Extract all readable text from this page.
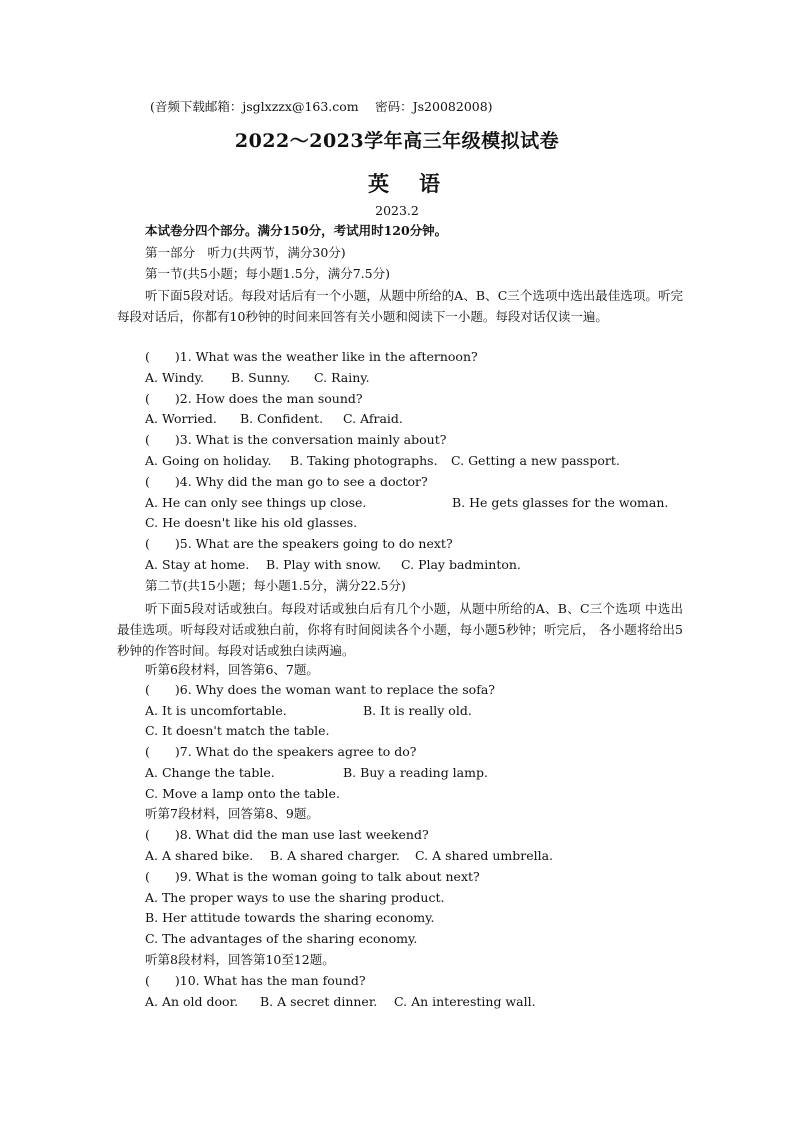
(音频下载邮箱：jsglxzzx@163.com　 密码：Js20082008)
2022～2023学年高三年级模拟试卷
英语
2023.2
本试卷分四个部分。满分150分，考试用时120分钟。
第一部分　听力(共两节，满分30分)
第一节(共5小题；每小题1.5分，满分7.5分)
听下面5段对话。每段对话后有一个小题，从题中所给的A、B、C三个选项中选出最佳选项。听完每段对话后，你都有10秒钟的时间来回答有关小题和阅读下一小题。每段对话仅读一遍。
(　　)1. What was the weather like in the afternoon?
A. Windy. B. Sunny. C. Rainy.
(　　)2. How does the man sound?
A. Worried. B. Confident. C. Afraid.
(　　)3. What is the conversation mainly about?
A. Going on holiday. B. Taking photographs. C. Getting a new passport.
(　　)4. Why did the man go to see a doctor?
A. He can only see things up close.	B. He gets glasses for the woman.
C. He doesn't like his old glasses.
(　　)5. What are the speakers going to do next?
A. Stay at home. B. Play with snow. C. Play badminton.
第二节(共15小题；每小题1.5分，满分22.5分)
听下面5段对话或独白。每段对话或独白后有几个小题，从题中所给的A、B、C三个选项 中选出最佳选项。听每段对话或独白前，你将有时间阅读各个小题，每小题5秒钟；听完后， 各小题将给出5秒钟的作答时间。每段对话或独白读两遍。
听第6段材料，回答第6、7题。
(　　)6. Why does the woman want to replace the sofa?
A. It is uncomfortable.	B. It is really old.
C. It doesn't match the table.
(　　)7. What do the speakers agree to do?
A. Change the table.	B. Buy a reading lamp.
C. Move a lamp onto the table.
听第7段材料，回答第8、9题。
(　　)8. What did the man use last weekend?
A. A shared bike. B. A shared charger. C. A shared umbrella.
(　　)9. What is the woman going to talk about next?
A. The proper ways to use the sharing product.
B. Her attitude towards the sharing economy.
C. The advantages of the sharing economy.
听第8段材料，回答第10至12题。
(　　)10. What has the man found?
A. An old door. B. A secret dinner. C. An interesting wall.
